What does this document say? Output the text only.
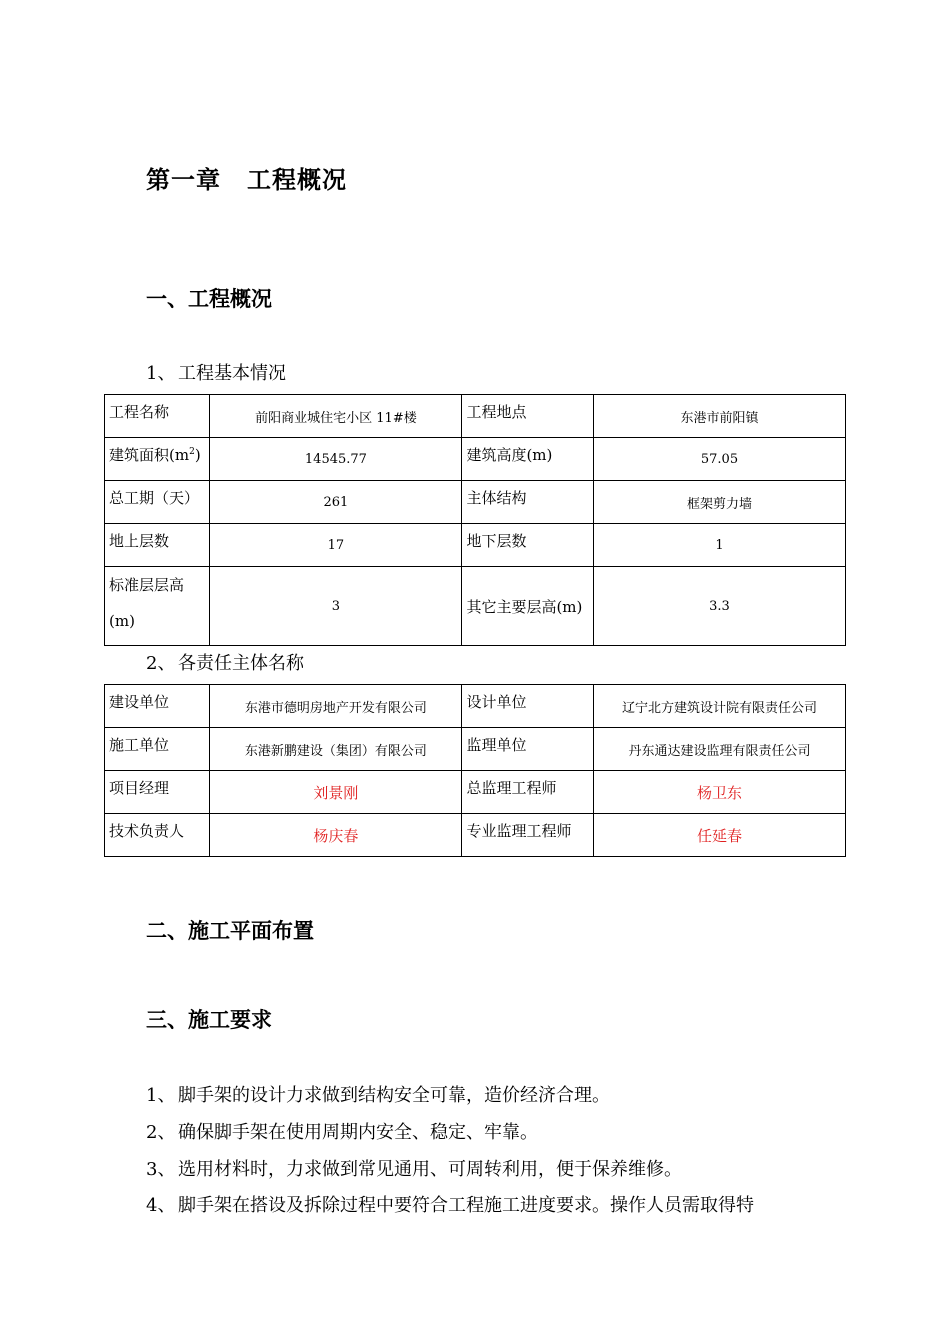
第一章 工程概况
一、工程概况
1、 工程基本情况
工程名称	前阳商业城住宅小区 11#楼	工程地点	东港市前阳镇
建筑面积$(m^2)$	14545.77	建筑高度(m)	57.05
总工期（天）	261	主体结构	框架剪力墙
地上层数	17	地下层数	1

标准层层高
(m)	3	其它主要层高(m)	3.3
2、 各责任主体名称
建设单位	东港市德明房地产开发有限公司	设计单位	辽宁北方建筑设计院有限责任公司
施工单位	东港新鹏建设（集团）有限公司	监理单位	丹东通达建设监理有限责任公司
项目经理	刘景刚	总监理工程师	杨卫东
技术负责人	杨庆春	专业监理工程师	任延春
二、施工平面布置
三、施工要求
1、 脚手架的设计力求做到结构安全可靠，造价经济合理。
2、 确保脚手架在使用周期内安全、稳定、牢靠。
3、 选用材料时，力求做到常见通用、可周转利用，便于保养维修。
4、 脚手架在搭设及拆除过程中要符合工程施工进度要求。操作人员需取得特
